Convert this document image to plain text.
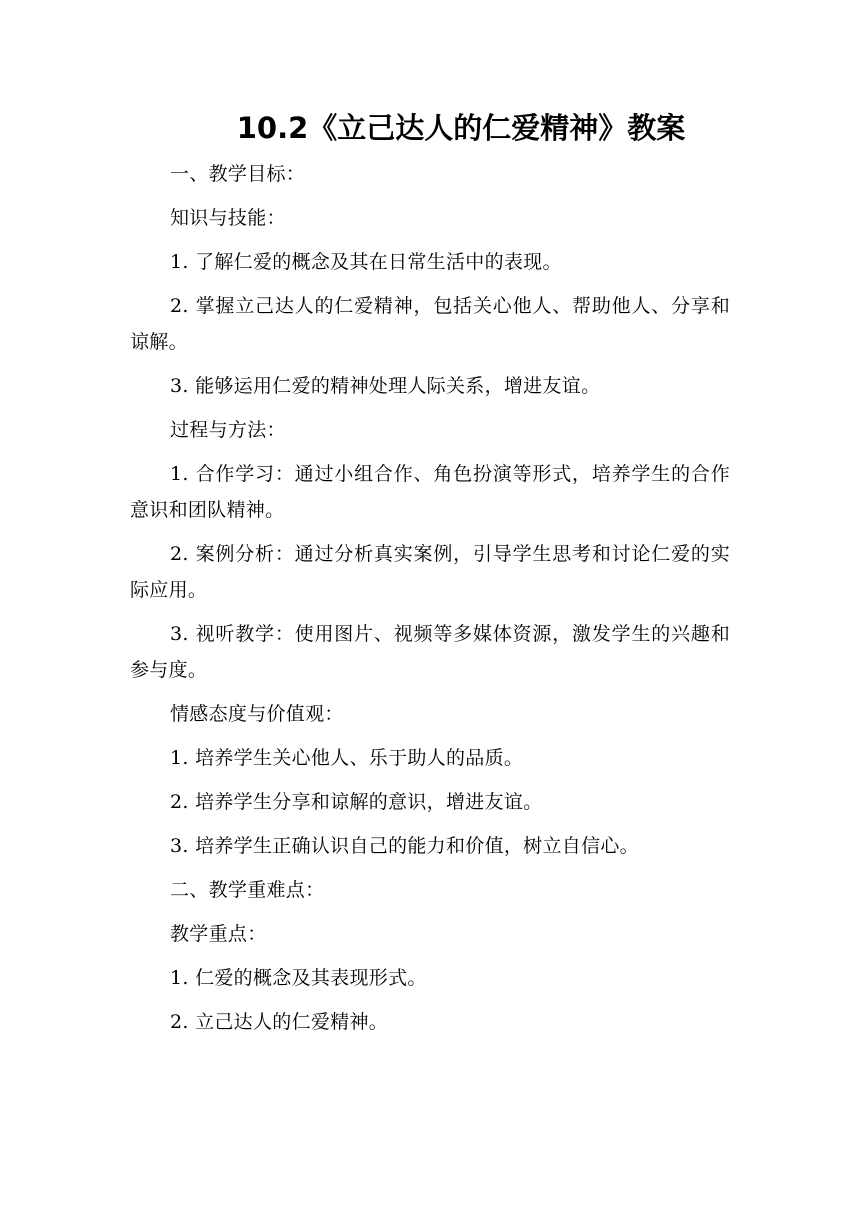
10.2《立己达人的仁爱精神》教案

一、教学目标：

知识与技能：

1. 了解仁爱的概念及其在日常生活中的表现。

2. 掌握立己达人的仁爱精神，包括关心他人、帮助他人、分享和谅解。

3. 能够运用仁爱的精神处理人际关系，增进友谊。

过程与方法：

1. 合作学习：通过小组合作、角色扮演等形式，培养学生的合作意识和团队精神。

2. 案例分析：通过分析真实案例，引导学生思考和讨论仁爱的实际应用。

3. 视听教学：使用图片、视频等多媒体资源，激发学生的兴趣和参与度。

情感态度与价值观：

1. 培养学生关心他人、乐于助人的品质。

2. 培养学生分享和谅解的意识，增进友谊。

3. 培养学生正确认识自己的能力和价值，树立自信心。

二、教学重难点：

教学重点：

1. 仁爱的概念及其表现形式。

2. 立己达人的仁爱精神。
